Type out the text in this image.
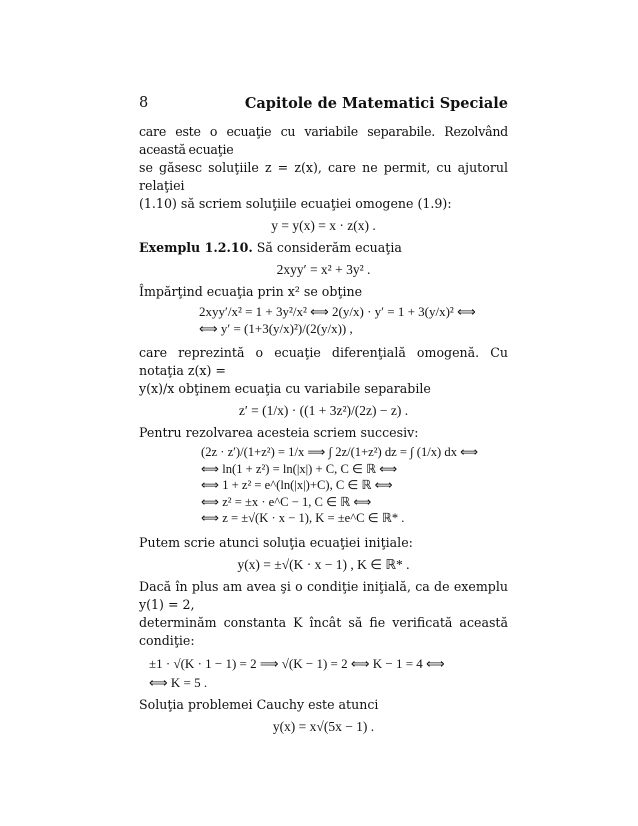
8	Capitole de Matematici Speciale

care este o ecuaţie cu variabile separabile. Rezolvând această ecuaţie

se găsesc soluţiile z = z(x), care ne permit, cu ajutorul relaţiei

(1.10) să scriem soluţiile ecuaţiei omogene (1.9):

y = y(x) = x · z(x) .

Exemplu 1.2.10. Să considerăm ecuaţia

2xyy′ = x² + 3y² .

Împărţind ecuaţia prin x² se obţine

2xyy′/x² = 1 + 3y²/x² ⟺ 2(y/x) · y′ = 1 + 3(y/x)² ⟺
⟺ y′ = (1+3(y/x)²)/(2(y/x)) ,

care reprezintă o ecuaţie diferenţială omogenă. Cu notaţia z(x) =

y(x)/x obţinem ecuaţia cu variabile separabile

z′ = (1/x) · ((1 + 3z²)/(2z) − z) .

Pentru rezolvarea acesteia scriem succesiv:

(2z · z′)/(1+z²) = 1/x ⟹ ∫ 2z/(1+z²) dz = ∫ (1/x) dx ⟺
⟺ ln(1 + z²) = ln(|x|) + C, C ∈ ℝ ⟺
⟺ 1 + z² = e^(ln(|x|)+C), C ∈ ℝ ⟺
⟺ z² = ±x · e^C − 1, C ∈ ℝ ⟺
⟺ z = ±√(K · x − 1), K = ±e^C ∈ ℝ* .

Putem scrie atunci soluţia ecuaţiei iniţiale:

y(x) = ±√(K · x − 1) , K ∈ ℝ* .

Dacă în plus am avea şi o condiţie iniţială, ca de exemplu y(1) = 2,

determinăm constanta K încât să fie verificată această condiţie:

±1 · √(K · 1 − 1) = 2 ⟹ √(K − 1) = 2 ⟺ K − 1 = 4 ⟺
⟺ K = 5 .

Soluţia problemei Cauchy este atunci

y(x) = x√(5x − 1) .
